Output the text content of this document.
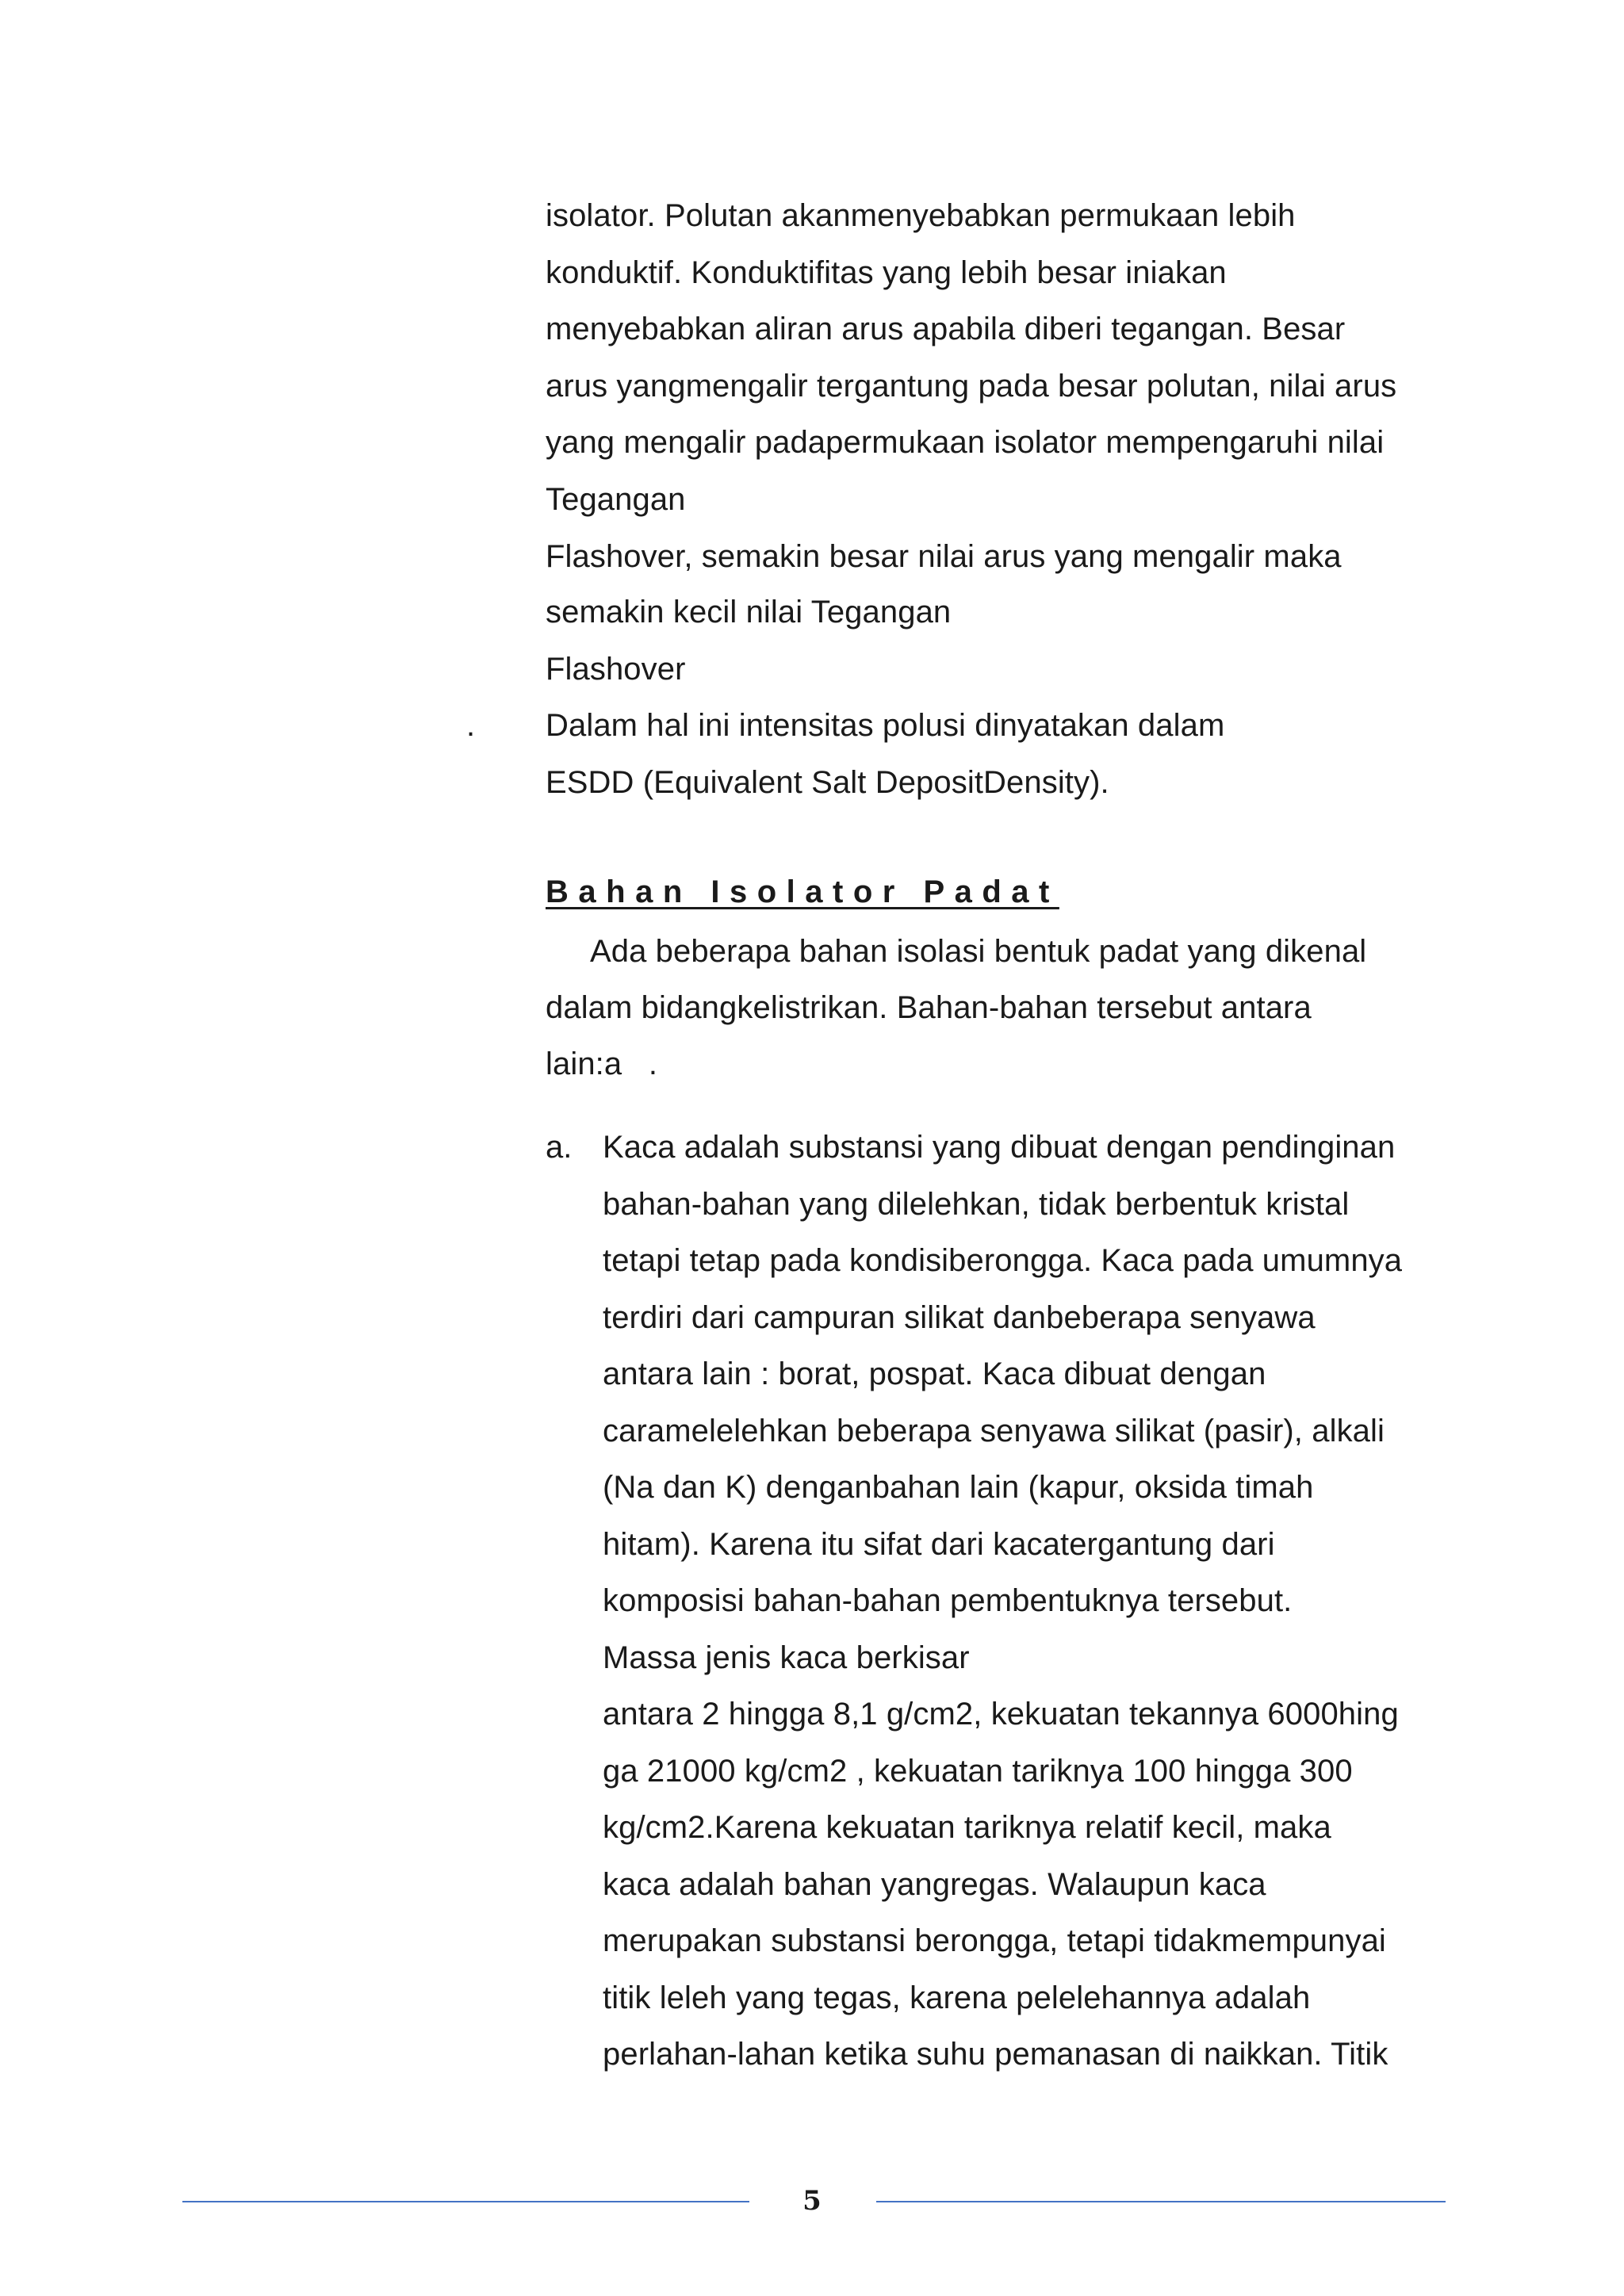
isolator. Polutan akanmenyebabkan permukaan lebih
konduktif. Konduktifitas yang lebih besar iniakan
menyebabkan aliran arus apabila diberi tegangan. Besar
arus yangmengalir tergantung pada besar polutan, nilai arus
yang mengalir padapermukaan isolator mempengaruhi nilai
Tegangan
Flashover, semakin besar nilai arus yang mengalir maka
semakin kecil nilai Tegangan
Flashover
. Dalam hal ini intensitas polusi dinyatakan dalam
ESDD (Equivalent Salt DepositDensity).
Bahan Isolator Padat
Ada beberapa bahan isolasi bentuk padat yang dikenal
dalam bidangkelistrikan. Bahan-bahan tersebut antara
lain:a   .
a. Kaca adalah substansi yang dibuat dengan pendinginan
bahan-bahan yang dilelehkan, tidak berbentuk kristal
tetapi tetap pada kondisiberongga. Kaca pada umumnya
terdiri dari campuran silikat danbeberapa senyawa
antara lain : borat, pospat. Kaca dibuat dengan
caramelelehkan beberapa senyawa silikat (pasir), alkali
(Na dan K) denganbahan lain (kapur, oksida timah
hitam). Karena itu sifat dari kacatergantung dari
komposisi bahan-bahan pembentuknya tersebut.
Massa jenis kaca berkisar
antara 2 hingga 8,1 g/cm2, kekuatan tekannya 6000hing
ga 21000 kg/cm2 , kekuatan tariknya 100 hingga 300
kg/cm2.Karena kekuatan tariknya relatif kecil, maka
kaca adalah bahan yangregas. Walaupun kaca
merupakan substansi berongga, tetapi tidakmempunyai
titik leleh yang tegas, karena pelelehannya adalah
perlahan-lahan ketika suhu pemanasan di naikkan. Titik
5
